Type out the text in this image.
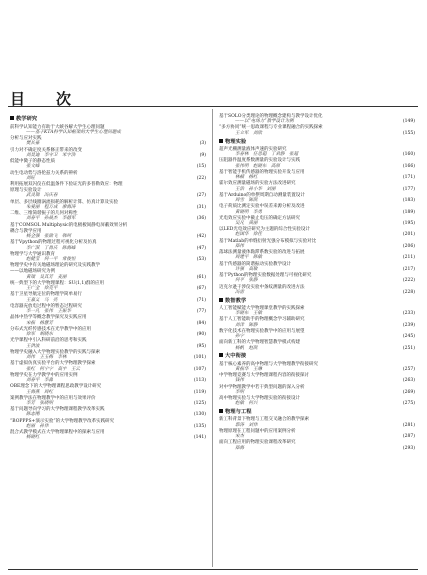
目　次
教学研究
前科学认知能力有助于大峡谷解大学生心理问题
——基于KTA科学认知框架的大学生心理问题成
分析与应对实践
樊长豪	(3)
引力对不确定度关系修正带来的改变
刘昊迪　李守卫　米宇浩	(9)
低能中微子的静态性质
张文峰	(15)
动生电动势与洛伦兹力关系的辨析
刘旺	(22)
利用拓展双闪仪在低温条件下验证光的多普勒效应：物理
原理与实验设计
武灵瑞　冯庆春	(27)
单层、多层线圈涡流损耗的解析计算、仿真计算及实验
朱爱丽　程万成　廖海涛	(31)
二维、三维简谐振子的几何对称性
刘春平　孙晨杰　李德军	(36)
基于COMSOL Multiphysic的电极板间静电屏蔽效果分析
耦合与教学应用
杨全强　张勋飞　韩珂	(42)
基于Vpython的物理过程可视化分析及仿真
李广淇　丁肖庆　陈海峰	(47)
物理学与大学通识教育
赵健莹　何一平　常俊恒	(53)
物理学史中有关地磁场理论的研究及实践教学
——以地磁场研究为例
黄瑞　吴其芳　麦丽	(61)
统一典型下的大学物理课程：SU(1,1)群的应用
王广全　徐克平	(67)
基于卫星导航定位的物理学简单易行
王嘉义　马　亮	(71)
电容器充放电过程中的暂态过程研究
李一凡　张伟　王振华	(77)
晶体中热学等概念教学探究及实践应用
宋振　杨慧芳	(84)
分布式光纤传感技术在光学教学中的应用
徐军　胡晓东	(90)
光学课程中引入科研前沿的思考和实践
王洪波	(95)
物理学史融入大学物理实验教学的实践与探索
刘伟　王玉梅　李林	(101)
基于虚拟仿真实验平台的大学物理教学探索
张红　何宁宁　高宇　王云	(107)
物理学史在力学教学中的应用实例
刘春平　李淼	(113)
OBE理念下的大学物理课程思政教学设计研究
王海燕　周红	(119)
案例教学法在物理教学中的应用与效果评价
李芳　张晓明	(125)
基于问题导向学习的大学物理课程教学改革实践
陈志刚	(130)
“BOPPPS+演示实验”的大学物理教学改革实践研究
赵丽　孙伟	(135)
混合式教学模式在大学物理课程中的探索与应用
杨晓红	(141)
基于SOLO分类理论的物理概念建构与教学设计优化
——以“电场力”教学设计为例	(149)
“多方协同”统一思政课程与专业课程融合的实践探索
王立军　刘欣	(155)
物理实验
超声光栅测量液体声速的实验研究
李春林　任思超　丁君静　张超	(160)
压阻器件温度系数测量的实验设计与实践
张伟明　赵晓东　高原	(166)
基于智能手机传感器的物理实验开发与应用
林楠　杨红	(171)
霍尔效应测量磁场的实验方法改进研究
王浩　孙小华　刘丽	(177)
基于Arduino的单摆周期自动测量装置设计
周雪　陈凯	(183)
电子荷质比测定实验中误差来源分析及改进
黄晓明　李勇	(189)
光电效应实验中截止电压的确定方法研究
吴凡　黄丽	(195)
以LED光电效应研究为主题的综合性实验设计
赵国华　徐佳	(201)
基于Matlab的单缝衍射光强分布模拟与实验对比
郑伟	(206)
落球法测量液体黏滞系数实验的改进与拓展
周建平　陈敏	(211)
基于传感器的简谐振动实验教学设计
许强　高敏	(217)
基于Python的物理实验数据处理与可视化研究
何平　张静	(222)
迈克尔逊干涉仪实验中条纹测量的改进方法
冯雷	(228)
数智教学
人工智能赋能大学物理课堂教学的实践探索
李晓东　王敏	(233)
基于人工智能助手的物理概念学习辅助研究
刘洋　陈静	(239)
数字化技术在物理实验教学中的应用与展望
孙宁	(245)
面向新工科的大学物理智慧教学模式构建
杨帆　赵凯	(251)
大中衔接
基于核心素养的高中物理与大学物理教学衔接研究
黄振华　王琳	(257)
中学物理竞赛与大学物理课程内容的衔接探讨
钱伟	(263)
对中学物理教学中若干典型问题的深入分析
李明	(269)
高中物理实验与大学物理实验的衔接设计
赵敏　何兴	(275)
物理与工程
新工科背景下物理与工程交叉融合的教学探索
郭涛　刘伟	(281)
物理原理在工程问题中的应用案例分析
宋杰	(287)
面向工程应用的物理实验课程改革研究
郑海	(293)
